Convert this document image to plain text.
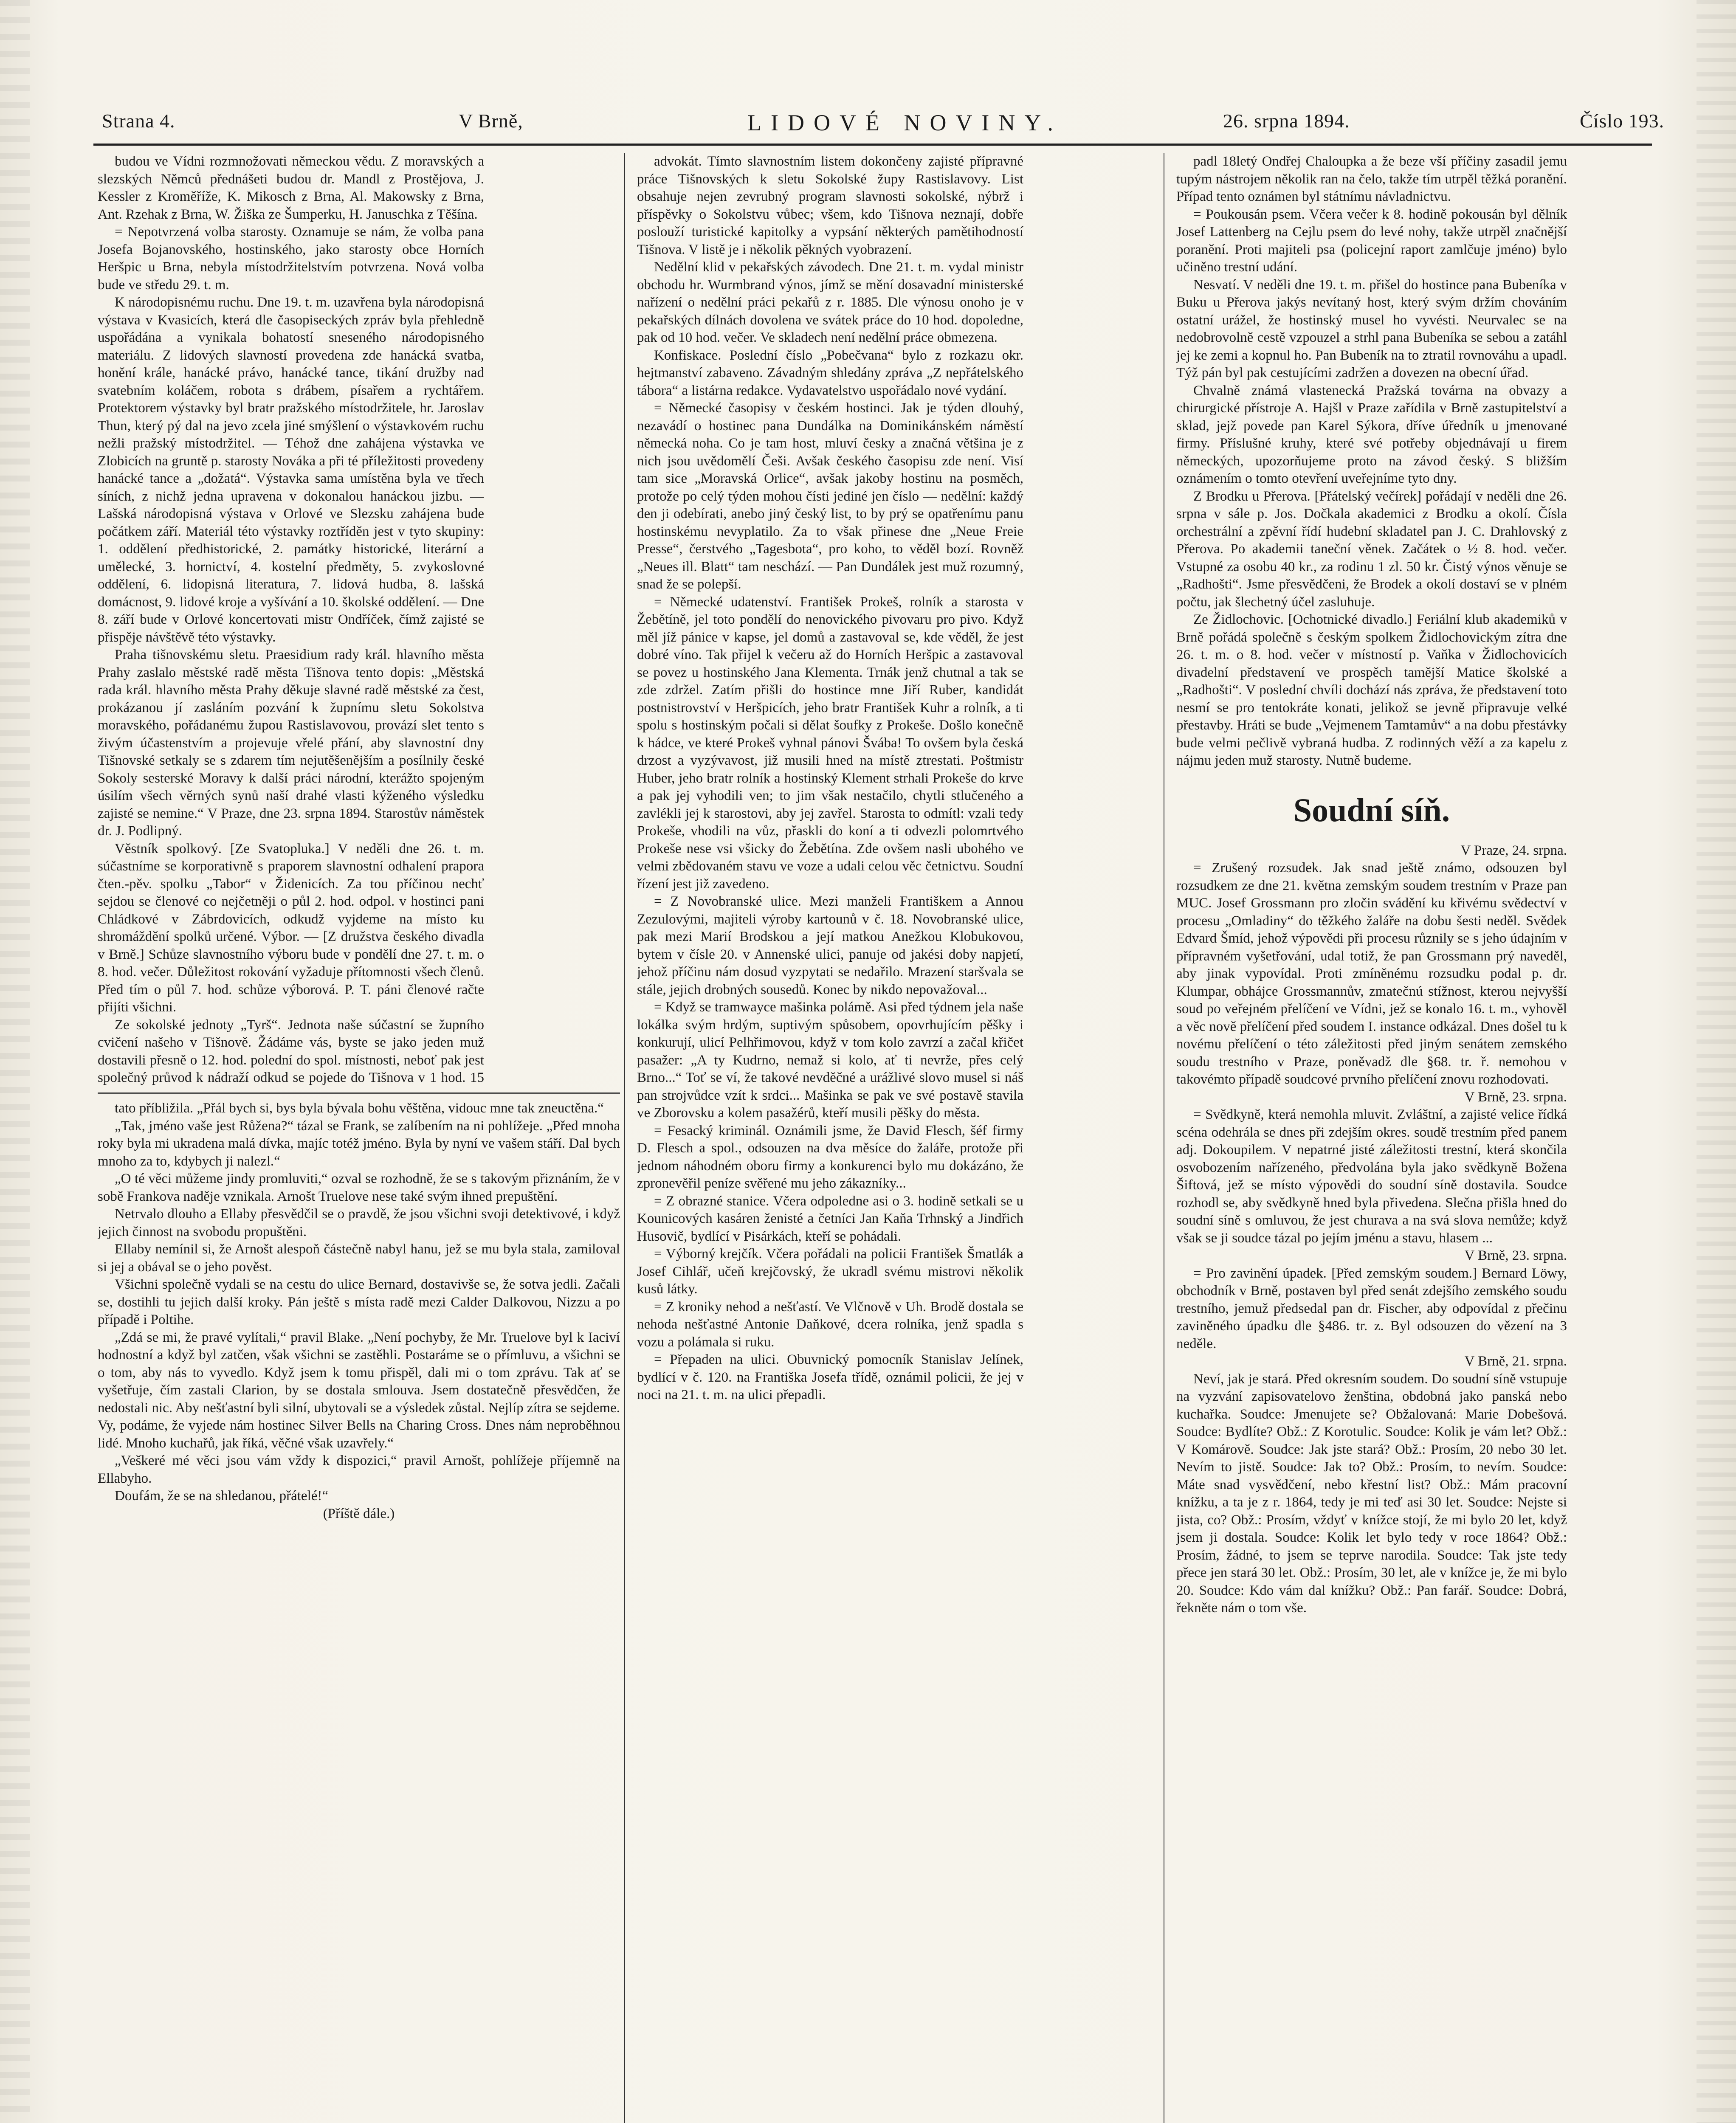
Strana 4.	V Brně,	LIDOVÉ NOVINY.	26. srpna 1894.	Číslo 193.

budou ve Vídni rozmnožovati německou vědu. Z moravských a slezských Němců přednášeti budou dr. Mandl z Prostějova, J. Kessler z Kroměříže, K. Mikosch z Brna, Al. Makowsky z Brna, Ant. Rzehak z Brna, W. Žiška ze Šumperku, H. Januschka z Těšína.

= Nepotvrzená volba starosty. Oznamuje se nám, že volba pana Josefa Bojanovského, hostinského, jako starosty obce Horních Heršpic u Brna, nebyla místodržitelstvím potvrzena. Nová volba bude ve středu 29. t. m.

K národopisnému ruchu. Dne 19. t. m. uzavřena byla národopisná výstava v Kvasicích, která dle časopiseckých zpráv byla přehledně uspořádána a vynikala bohatostí sneseného národopisného materiálu. Z lidových slavností provedena zde hanácká svatba, honění krále, hanácké právo, hanácké tance, tikání družby nad svatebním koláčem, robota s drábem, písařem a rychtářem. Protektorem výstavky byl bratr pražského místodržitele, hr. Jaroslav Thun, který pý dal na jevo zcela jiné smýšlení o výstavkovém ruchu nežli pražský místodržitel. — Téhož dne zahájena výstavka ve Zlobicích na gruntě p. starosty Nováka a při té příležitosti provedeny hanácké tance a „dožatá“. Výstavka sama umístěna byla ve třech síních, z nichž jedna upravena v dokonalou hanáckou jizbu. — Lašská národopisná výstava v Orlové ve Slezsku zahájena bude počátkem září. Materiál této výstavky roztříděn jest v tyto skupiny: 1. oddělení předhistorické, 2. památky historické, literární a umělecké, 3. hornictví, 4. kostelní předměty, 5. zvykoslovné oddělení, 6. lidopisná literatura, 7. lidová hudba, 8. lašská domácnost, 9. lidové kroje a vyšívání a 10. školské oddělení. — Dne 8. září bude v Orlové koncertovati mistr Ondříček, čímž zajisté se přispěje návštěvě této výstavky.

Praha tišnovskému sletu. Praesidium rady král. hlavního města Prahy zaslalo městské radě města Tišnova tento dopis: „Městská rada král. hlavního města Prahy děkuje slavné radě městské za čest, prokázanou jí zasláním pozvání k župnímu sletu Sokolstva moravského, pořádanému župou Rastislavovou, provází slet tento s živým účastenstvím a projevuje vřelé přání, aby slavnostní dny Tišnovské setkaly se s zdarem tím nejutěšenějším a posílnily české Sokoly sesterské Moravy k další práci národní, kterážto spojeným úsilím všech věrných synů naší drahé vlasti kýženého výsledku zajisté se nemine.“ V Praze, dne 23. srpna 1894. Starostův náměstek dr. J. Podlipný.

Věstník spolkový. [Ze Svatopluka.] V neděli dne 26. t. m. súčastníme se korporativně s praporem slavnostní odhalení prapora čten.-pěv. spolku „Tabor“ v Židenicích. Za tou příčinou nechť sejdou se členové co nejčetněji o půl 2. hod. odpol. v hostinci pani Chládkové v Zábrdovicích, odkudž vyjdeme na místo ku shromáždění spolků určené. Výbor. — [Z družstva českého divadla v Brně.] Schůze slavnostního výboru bude v pondělí dne 27. t. m. o 8. hod. večer. Důležitost rokování vyžaduje přítomnosti všech členů. Před tím o půl 7. hod. schůze výborová. P. T. páni členové račte přijíti všichni.

Ze sokolské jednoty „Tyrš“. Jednota naše súčastní se župního cvičení našeho v Tišnově. Žádáme vás, byste se jako jeden muž dostavili přesně o 12. hod. polední do spol. místnosti, neboť pak jest společný průvod k nádraží odkud se pojede do Tišnova v 1 hod. 15

advokát. Tímto slavnostním listem dokončeny zajisté přípravné práce Tišnovských k sletu Sokolské župy Rastislavovy. List obsahuje nejen zevrubný program slavnosti sokolské, nýbrž i příspěvky o Sokolstvu vůbec; všem, kdo Tišnova neznají, dobře poslouží turistické kapitolky a vypsání některých pamětihodností Tišnova. V listě je i několik pěkných vyobrazení.

Nedělní klid v pekařských závodech. Dne 21. t. m. vydal ministr obchodu hr. Wurmbrand výnos, jímž se mění dosavadní ministerské nařízení o nedělní práci pekařů z r. 1885. Dle výnosu onoho je v pekařských dílnách dovolena ve svátek práce do 10 hod. dopoledne, pak od 10 hod. večer. Ve skladech není nedělní práce obmezena.

Konfiskace. Poslední číslo „Pobečvana“ bylo z rozkazu okr. hejtmanství zabaveno. Závadným shledány zpráva „Z nepřátelského tábora“ a listárna redakce. Vydavatelstvo uspořádalo nové vydání.

= Německé časopisy v českém hostinci. Jak je týden dlouhý, nezavádí o hostinec pana Dundálka na Dominikánském náměstí německá noha. Co je tam host, mluví česky a značná většina je z nich jsou uvědomělí Češi. Avšak českého časopisu zde není. Visí tam sice „Moravská Orlice“, avšak jakoby hostinu na posměch, protože po celý týden mohou čísti jediné jen číslo — nedělní: každý den ji odebírati, anebo jiný český list, to by prý se opatřenímu panu hostinskému nevyplatilo. Za to však přinese dne „Neue Freie Presse“, čerstvého „Tagesbota“, pro koho, to věděl bozí. Rovněž „Neues ill. Blatt“ tam neschází. — Pan Dundálek jest muž rozumný, snad že se polepší.

= Německé udatenství. František Prokeš, rolník a starosta v Žebětíně, jel toto pondělí do nenovického pivovaru pro pivo. Když měl jíž pánice v kapse, jel domů a zastavoval se, kde věděl, že jest dobré víno. Tak přijel k večeru až do Horních Heršpic a zastavoval se povez u hostinského Jana Klementa. Trnák jenž chutnal a tak se zde zdržel. Zatím přišli do hostince mne Jiří Ruber, kandidát postnistrovství v Heršpicích, jeho bratr František Kuhr a rolník, a ti spolu s hostinským počali si dělat šoufky z Prokeše. Došlo konečně k hádce, ve které Prokeš vyhnal pánovi Švába! To ovšem byla česká drzost a vyzývavost, již musili hned na místě ztrestati. Poštmistr Huber, jeho bratr rolník a hostinský Klement strhali Prokeše do krve a pak jej vyhodili ven; to jim však nestačilo, chytli stlučeného a zavlékli jej k starostovi, aby jej zavřel. Starosta to odmítl: vzali tedy Prokeše, vhodili na vůz, přaskli do koní a ti odvezli polomrtvého Prokeše nese vsi všicky do Žebětína. Zde ovšem nasli ubohého ve velmi zbědovaném stavu ve voze a udali celou věc četnictvu. Soudní řízení jest již zavedeno.

= Z Novobranské ulice. Mezi manželi Františkem a Annou Zezulovými, majiteli výroby kartounů v č. 18. Novobranské ulice, pak mezi Marií Brodskou a její matkou Anežkou Klobukovou, bytem v čísle 20. v Annenské ulici, panuje od jakési doby napjetí, jehož příčinu nám dosud vyzpytati se nedařilo. Mrazení staršvala se stále, jejich drobných sousedů. Konec by nikdo nepovažoval...

= Když se tramwayce mašinka polámě. Asi před týdnem jela naše lokálka svým hrdým, suptivým spůsobem, opovrhujícím pěšky i konkurují, ulicí Pelhřimovou, když v tom kolo zavrzí a začal křičet pasažer: „A ty Kudrno, nemaž si kolo, ať ti nevrže, přes celý Brno...“ Toť se ví, že takové nevděčné a urážlivé slovo musel si náš pan strojvůdce vzít k srdci... Mašinka se pak ve své postavě stavila ve Zborovsku a kolem pasažérů, kteří musili pěšky do města.

= Fesacký kriminál. Oznámili jsme, že David Flesch, šéf firmy D. Flesch a spol., odsouzen na dva měsíce do žaláře, protože při jednom náhodném oboru firmy a konkurenci bylo mu dokázáno, že zpronevěřil peníze svěřené mu jeho zákazníky...

= Z obrazné stanice. Včera odpoledne asi o 3. hodině setkali se u Kounicových kasáren ženisté a četníci Jan Kaňa Trhnský a Jindřich Husovič, bydlící v Pisárkách, kteří se pohádali.

= Výborný krejčík. Včera pořádali na policii František Šmatlák a Josef Cihlář, učeň krejčovský, že ukradl svému mistrovi několik kusů látky.

= Z kroniky nehod a nešťastí. Ve Vlčnově v Uh. Brodě dostala se nehoda nešťastné Antonie Daňkové, dcera rolníka, jenž spadla s vozu a polámala si ruku.

= Přepaden na ulici. Obuvnický pomocník Stanislav Jelínek, bydlící v č. 120. na Františka Josefa třídě, oznámil policii, že jej v noci na 21. t. m. na ulici přepadli.

padl 18letý Ondřej Chaloupka a že beze vší příčiny zasadil jemu tupým nástrojem několik ran na čelo, takže tím utrpěl těžká poranění. Případ tento oznámen byl státnímu návladnictvu.

= Poukousán psem. Včera večer k 8. hodině pokousán byl dělník Josef Lattenberg na Cejlu psem do levé nohy, takže utrpěl značnější poranění. Proti majiteli psa (policejní raport zamlčuje jméno) bylo učiněno trestní udání.

Nesvatí. V neděli dne 19. t. m. přišel do hostince pana Bubeníka v Buku u Přerova jakýs nevítaný host, který svým držím chováním ostatní urážel, že hostinský musel ho vyvésti. Neurvalec se na nedobrovolně cestě vzpouzel a strhl pana Bubeníka se sebou a zatáhl jej ke zemi a kopnul ho. Pan Bubeník na to ztratil rovnováhu a upadl. Týž pán byl pak cestujícími zadržen a dovezen na obecní úřad.

Chvalně známá vlastenecká Pražská továrna na obvazy a chirurgické přístroje A. Hajšl v Praze zařídila v Brně zastupitelství a sklad, jejž povede pan Karel Sýkora, dříve úředník u jmenované firmy. Příslušné kruhy, které své potřeby objednávají u firem německých, upozorňujeme proto na závod český. S bližším oznámením o tomto otevření uveřejníme tyto dny.

Z Brodku u Přerova. [Přátelský večírek] pořádají v neděli dne 26. srpna v sále p. Jos. Dočkala akademici z Brodku a okolí. Čísla orchestrální a zpěvní řídí hudební skladatel pan J. C. Drahlovský z Přerova. Po akademii taneční věnek. Začátek o ½ 8. hod. večer. Vstupné za osobu 40 kr., za rodinu 1 zl. 50 kr. Čistý výnos věnuje se „Radhošti“. Jsme přesvědčeni, že Brodek a okolí dostaví se v plném počtu, jak šlechetný účel zasluhuje.

Ze Židlochovic. [Ochotnické divadlo.] Feriální klub akademiků v Brně pořádá společně s českým spolkem Židlochovickým zítra dne 26. t. m. o 8. hod. večer v místností p. Vaňka v Židlochovicích divadelní představení ve prospěch tamější Matice školské a „Radhošti“. V poslední chvíli dochází nás zpráva, že představení toto nesmí se pro tentokráte konati, jelikož se jevně připravuje velké přestavby. Hráti se bude „Vejmenem Tamtamův“ a na dobu přestávky bude velmi pečlivě vybraná hudba. Z rodinných věží a za kapelu z nájmu jeden muž starosty. Nutně budeme.

Soudní síň.

V Praze, 24. srpna.

= Zrušený rozsudek. Jak snad ještě známo, odsouzen byl rozsudkem ze dne 21. května zemským soudem trestním v Praze pan MUC. Josef Grossmann pro zločin svádění ku křivému svědectví v procesu „Omladiny“ do těžkého žaláře na dobu šesti neděl. Svědek Edvard Šmíd, jehož výpovědi při procesu různily se s jeho údajním v přípravném vyšetřování, udal totiž, že pan Grossmann prý naveděl, aby jinak vypovídal. Proti zmíněnému rozsudku podal p. dr. Klumpar, obhájce Grossmannův, zmatečnú stížnost, kterou nejvyšší soud po veřejném přelíčení ve Vídni, jež se konalo 16. t. m., vyhověl a věc nově přelíčení před soudem I. instance odkázal. Dnes došel tu k novému přelíčení o této záležitosti před jiným senátem zemského soudu trestního v Praze, poněvadž dle §68. tr. ř. nemohou v takovémto případě soudcové prvního přelíčení znovu rozhodovati.

V Brně, 23. srpna.

= Svědkyně, která nemohla mluvit. Zvláštní, a zajisté velice řídká scéna odehrála se dnes při zdejším okres. soudě trestním před panem adj. Dokoupilem. V nepatrné jisté záležitosti trestní, která skončila osvobozením nařízeného, předvolána byla jako svědkyně Božena Šiftová, jež se místo výpovědi do soudní síně dostavila. Soudce rozhodl se, aby svědkyně hned byla přivedena. Slečna přišla hned do soudní síně s omluvou, že jest churava a na svá slova nemůže; když však se ji soudce tázal po jejím jménu a stavu, hlasem ...

V Brně, 23. srpna.

= Pro zavinění úpadek. [Před zemským soudem.] Bernard Löwy, obchodník v Brně, postaven byl před senát zdejšího zemského soudu trestního, jemuž předsedal pan dr. Fischer, aby odpovídal z přečinu zaviněného úpadku dle §486. tr. z. Byl odsouzen do vězení na 3 neděle.

V Brně, 21. srpna.

Neví, jak je stará. Před okresním soudem. Do soudní síně vstupuje na vyzvání zapisovatelovo ženština, obdobná jako panská nebo kuchařka. Soudce: Jmenujete se? Obžalovaná: Marie Dobešová. Soudce: Bydlíte? Obž.: Z Korotulic. Soudce: Kolik je vám let? Obž.: V Komárově. Soudce: Jak jste stará? Obž.: Prosím, 20 nebo 30 let. Nevím to jistě. Soudce: Jak to? Obž.: Prosím, to nevím. Soudce: Máte snad vysvědčení, nebo křestní list? Obž.: Mám pracovní knížku, a ta je z r. 1864, tedy je mi teď asi 30 let. Soudce: Nejste si jista, co? Obž.: Prosím, vždyť v knížce stojí, že mi bylo 20 let, když jsem ji dostala. Soudce: Kolik let bylo tedy v roce 1864? Obž.: Prosím, žádné, to jsem se teprve narodila. Soudce: Tak jste tedy přece jen stará 30 let. Obž.: Prosím, 30 let, ale v knížce je, že mi bylo 20. Soudce: Kdo vám dal knížku? Obž.: Pan farář. Soudce: Dobrá, řekněte nám o tom vše.

tato příbližila. „Přál bych si, bys byla bývala bohu věštěna, vidouc mne tak zneuctěna.“

„Tak, jméno vaše jest Růžena?“ tázal se Frank, se zalíbením na ni pohlížeje. „Před mnoha roky byla mi ukradena malá dívka, majíc totéž jméno. Byla by nyní ve vašem stáří. Dal bych mnoho za to, kdybych ji nalezl.“

„O té věci můžeme jindy promluviti,“ ozval se rozhodně, že se s takovým přiznáním, že v sobě Frankova naděje vznikala. Arnošt Truelove nese také svým ihned prepuštění.

Netrvalo dlouho a Ellaby přesvědčil se o pravdě, že jsou všichni svoji detektivové, i když jejich činnost na svobodu propuštěni.

Ellaby nemínil si, že Arnošt alespoň částečně nabyl hanu, jež se mu byla stala, zamiloval si jej a obával se o jeho pověst.

Všichni společně vydali se na cestu do ulice Bernard, dostavivše se, že sotva jedli. Začali se, dostihli tu jejich další kroky. Pán ještě s místa radě mezi Calder Dalkovou, Nizzu a po případě i Poltihe.

„Zdá se mi, že pravé vylítali,“ pravil Blake. „Není pochyby, že Mr. Truelove byl k Iaciví hodnostní a když byl zatčen, však všichni se zastěhli. Postaráme se o přímluvu, a všichni se o tom, aby nás to vyvedlo. Když jsem k tomu přispěl, dali mi o tom zprávu. Tak ať se vyšetřuje, čím zastali Clarion, by se dostala smlouva. Jsem dostatečně přesvědčen, že nedostali nic. Aby nešťastní byli silní, ubytovali se a výsledek zůstal. Nejlíp zítra se sejdeme. Vy, podáme, že vyjede nám hostinec Silver Bells na Charing Cross. Dnes nám neproběhnou lidé. Mnoho kuchařů, jak říká, věčné však uzavřely.“

„Veškeré mé věci jsou vám vždy k dispozici,“ pravil Arnošt, pohlížeje příjemně na Ellabyho.

Doufám, že se na shledanou, přátelé!“

(Příště dále.)
